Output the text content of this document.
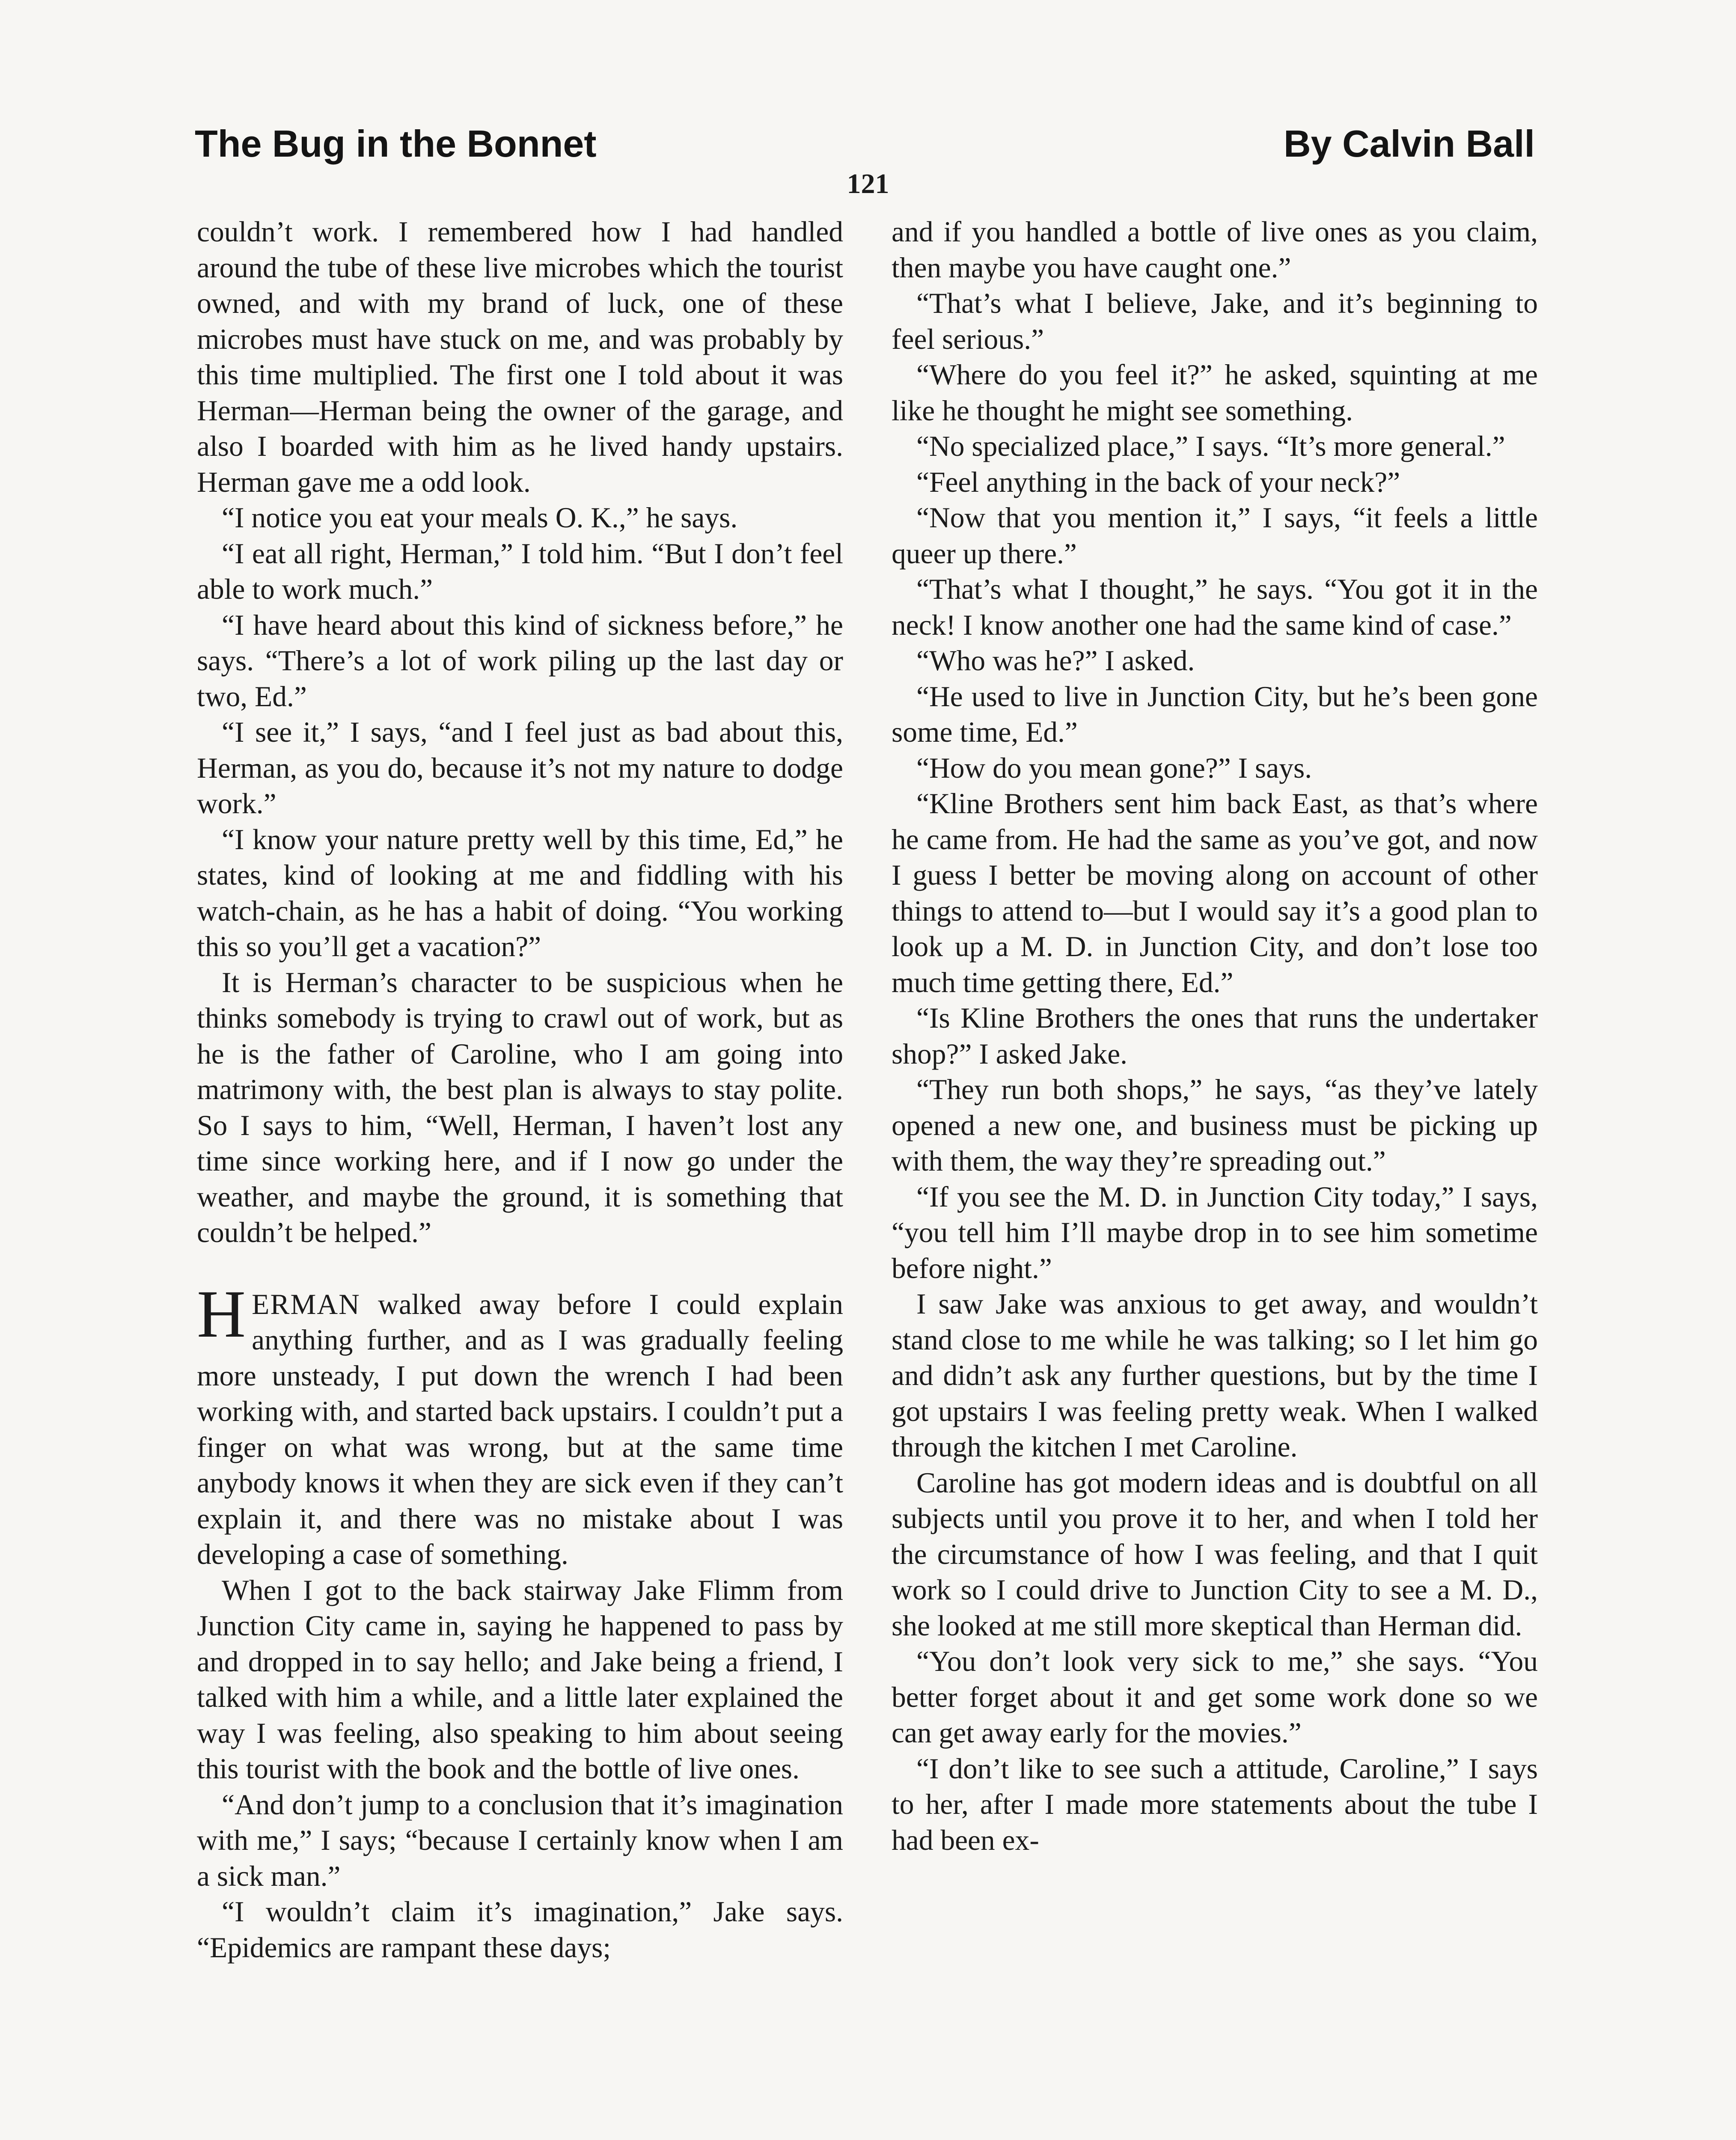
The Bug in the Bonnet	By Calvin Ball
121

couldn’t work. I remembered how I had handled around the tube of these live microbes which the tourist owned, and with my brand of luck, one of these microbes must have stuck on me, and was probably by this time multiplied. The first one I told about it was Herman—Herman being the owner of the garage, and also I boarded with him as he lived handy upstairs. Herman gave me a odd look.

“I notice you eat your meals O. K.,” he says.

“I eat all right, Herman,” I told him. “But I don’t feel able to work much.”

“I have heard about this kind of sickness before,” he says. “There’s a lot of work piling up the last day or two, Ed.”

“I see it,” I says, “and I feel just as bad about this, Herman, as you do, because it’s not my nature to dodge work.”

“I know your nature pretty well by this time, Ed,” he states, kind of looking at me and fiddling with his watch-chain, as he has a habit of doing. “You working this so you’ll get a vacation?”

It is Herman’s character to be suspicious when he thinks somebody is trying to crawl out of work, but as he is the father of Caroline, who I am going into matrimony with, the best plan is always to stay polite. So I says to him, “Well, Herman, I haven’t lost any time since working here, and if I now go under the weather, and maybe the ground, it is something that couldn’t be helped.”

HERMAN walked away before I could explain anything further, and as I was gradually feeling more unsteady, I put down the wrench I had been working with, and started back upstairs. I couldn’t put a finger on what was wrong, but at the same time anybody knows it when they are sick even if they can’t explain it, and there was no mistake about I was developing a case of something.

When I got to the back stairway Jake Flimm from Junction City came in, saying he happened to pass by and dropped in to say hello; and Jake being a friend, I talked with him a while, and a little later explained the way I was feeling, also speaking to him about seeing this tourist with the book and the bottle of live ones.

“And don’t jump to a conclusion that it’s imagination with me,” I says; “because I certainly know when I am a sick man.”

“I wouldn’t claim it’s imagination,” Jake says. “Epidemics are rampant these days;

and if you handled a bottle of live ones as you claim, then maybe you have caught one.”

“That’s what I believe, Jake, and it’s beginning to feel serious.”

“Where do you feel it?” he asked, squinting at me like he thought he might see something.

“No specialized place,” I says. “It’s more general.”

“Feel anything in the back of your neck?”

“Now that you mention it,” I says, “it feels a little queer up there.”

“That’s what I thought,” he says. “You got it in the neck! I know another one had the same kind of case.”

“Who was he?” I asked.

“He used to live in Junction City, but he’s been gone some time, Ed.”

“How do you mean gone?” I says.

“Kline Brothers sent him back East, as that’s where he came from. He had the same as you’ve got, and now I guess I better be moving along on account of other things to attend to—but I would say it’s a good plan to look up a M. D. in Junction City, and don’t lose too much time getting there, Ed.”

“Is Kline Brothers the ones that runs the undertaker shop?” I asked Jake.

“They run both shops,” he says, “as they’ve lately opened a new one, and business must be picking up with them, the way they’re spreading out.”

“If you see the M. D. in Junction City today,” I says, “you tell him I’ll maybe drop in to see him sometime before night.”

I saw Jake was anxious to get away, and wouldn’t stand close to me while he was talking; so I let him go and didn’t ask any further questions, but by the time I got upstairs I was feeling pretty weak. When I walked through the kitchen I met Caroline.

Caroline has got modern ideas and is doubtful on all subjects until you prove it to her, and when I told her the circumstance of how I was feeling, and that I quit work so I could drive to Junction City to see a M. D., she looked at me still more skeptical than Herman did.

“You don’t look very sick to me,” she says. “You better forget about it and get some work done so we can get away early for the movies.”

“I don’t like to see such a attitude, Caroline,” I says to her, after I made more statements about the tube I had been ex-
